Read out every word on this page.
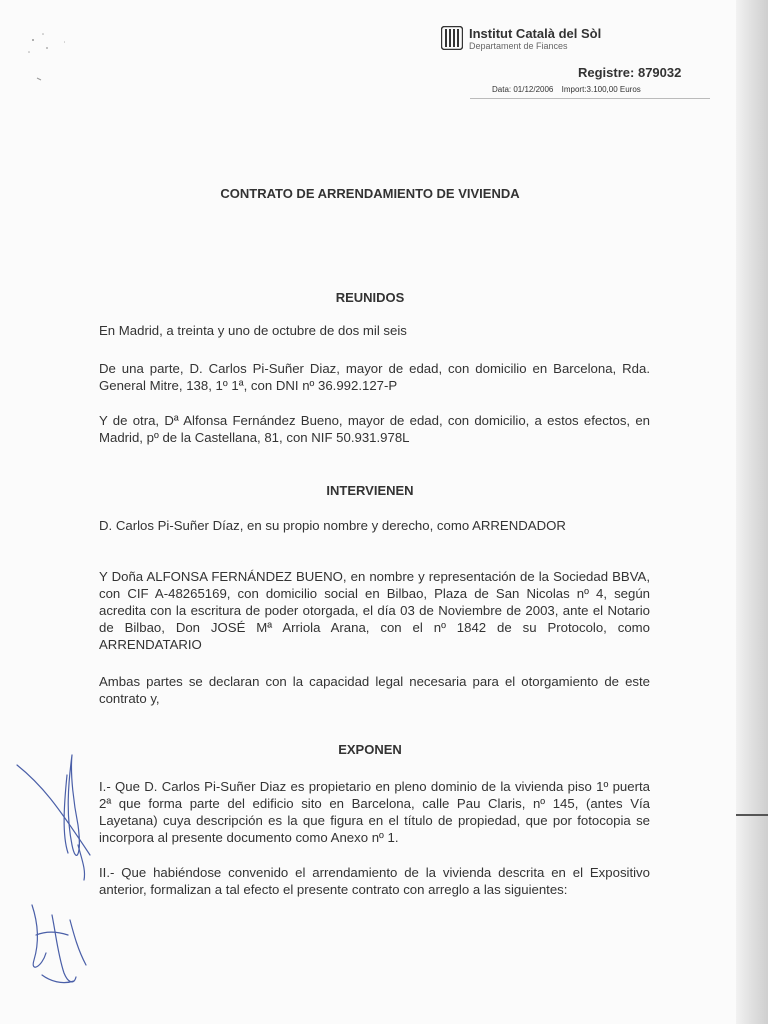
Institut Català del Sòl
Departament de Fiances
Registre: 879032
Data: 01/12/2006 Import:3.100,00 Euros
CONTRATO DE ARRENDAMIENTO DE VIVIENDA
REUNIDOS
En Madrid, a treinta y uno de octubre de dos mil seis
De una parte, D. Carlos Pi-Suñer Diaz, mayor de edad, con domicilio en Barcelona, Rda. General Mitre, 138, 1º 1ª, con DNI nº 36.992.127-P
Y de otra, Dª Alfonsa Fernández Bueno, mayor de edad, con domicilio, a estos efectos, en Madrid, pº de la Castellana, 81, con NIF 50.931.978L
INTERVIENEN
D. Carlos Pi-Suñer Díaz, en su propio nombre y derecho, como ARRENDADOR
Y Doña ALFONSA FERNÁNDEZ BUENO, en nombre y representación de la Sociedad BBVA, con CIF A-48265169, con domicilio social en Bilbao, Plaza de San Nicolas nº 4, según acredita con la escritura de poder otorgada, el día 03 de Noviembre de 2003, ante el Notario de Bilbao, Don JOSÉ Mª Arriola Arana, con el nº 1842 de su Protocolo, como ARRENDATARIO
Ambas partes se declaran con la capacidad legal necesaria para el otorgamiento de este contrato y,
EXPONEN
I.- Que D. Carlos Pi-Suñer Diaz es propietario en pleno dominio de la vivienda piso 1º puerta 2ª que forma parte del edificio sito en Barcelona, calle Pau Claris, nº 145, (antes Vía Layetana) cuya descripción es la que figura en el título de propiedad, que por fotocopia se incorpora al presente documento como Anexo nº 1.
II.- Que habiéndose convenido el arrendamiento de la vivienda descrita en el Expositivo anterior, formalizan a tal efecto el presente contrato con arreglo a las siguientes:
